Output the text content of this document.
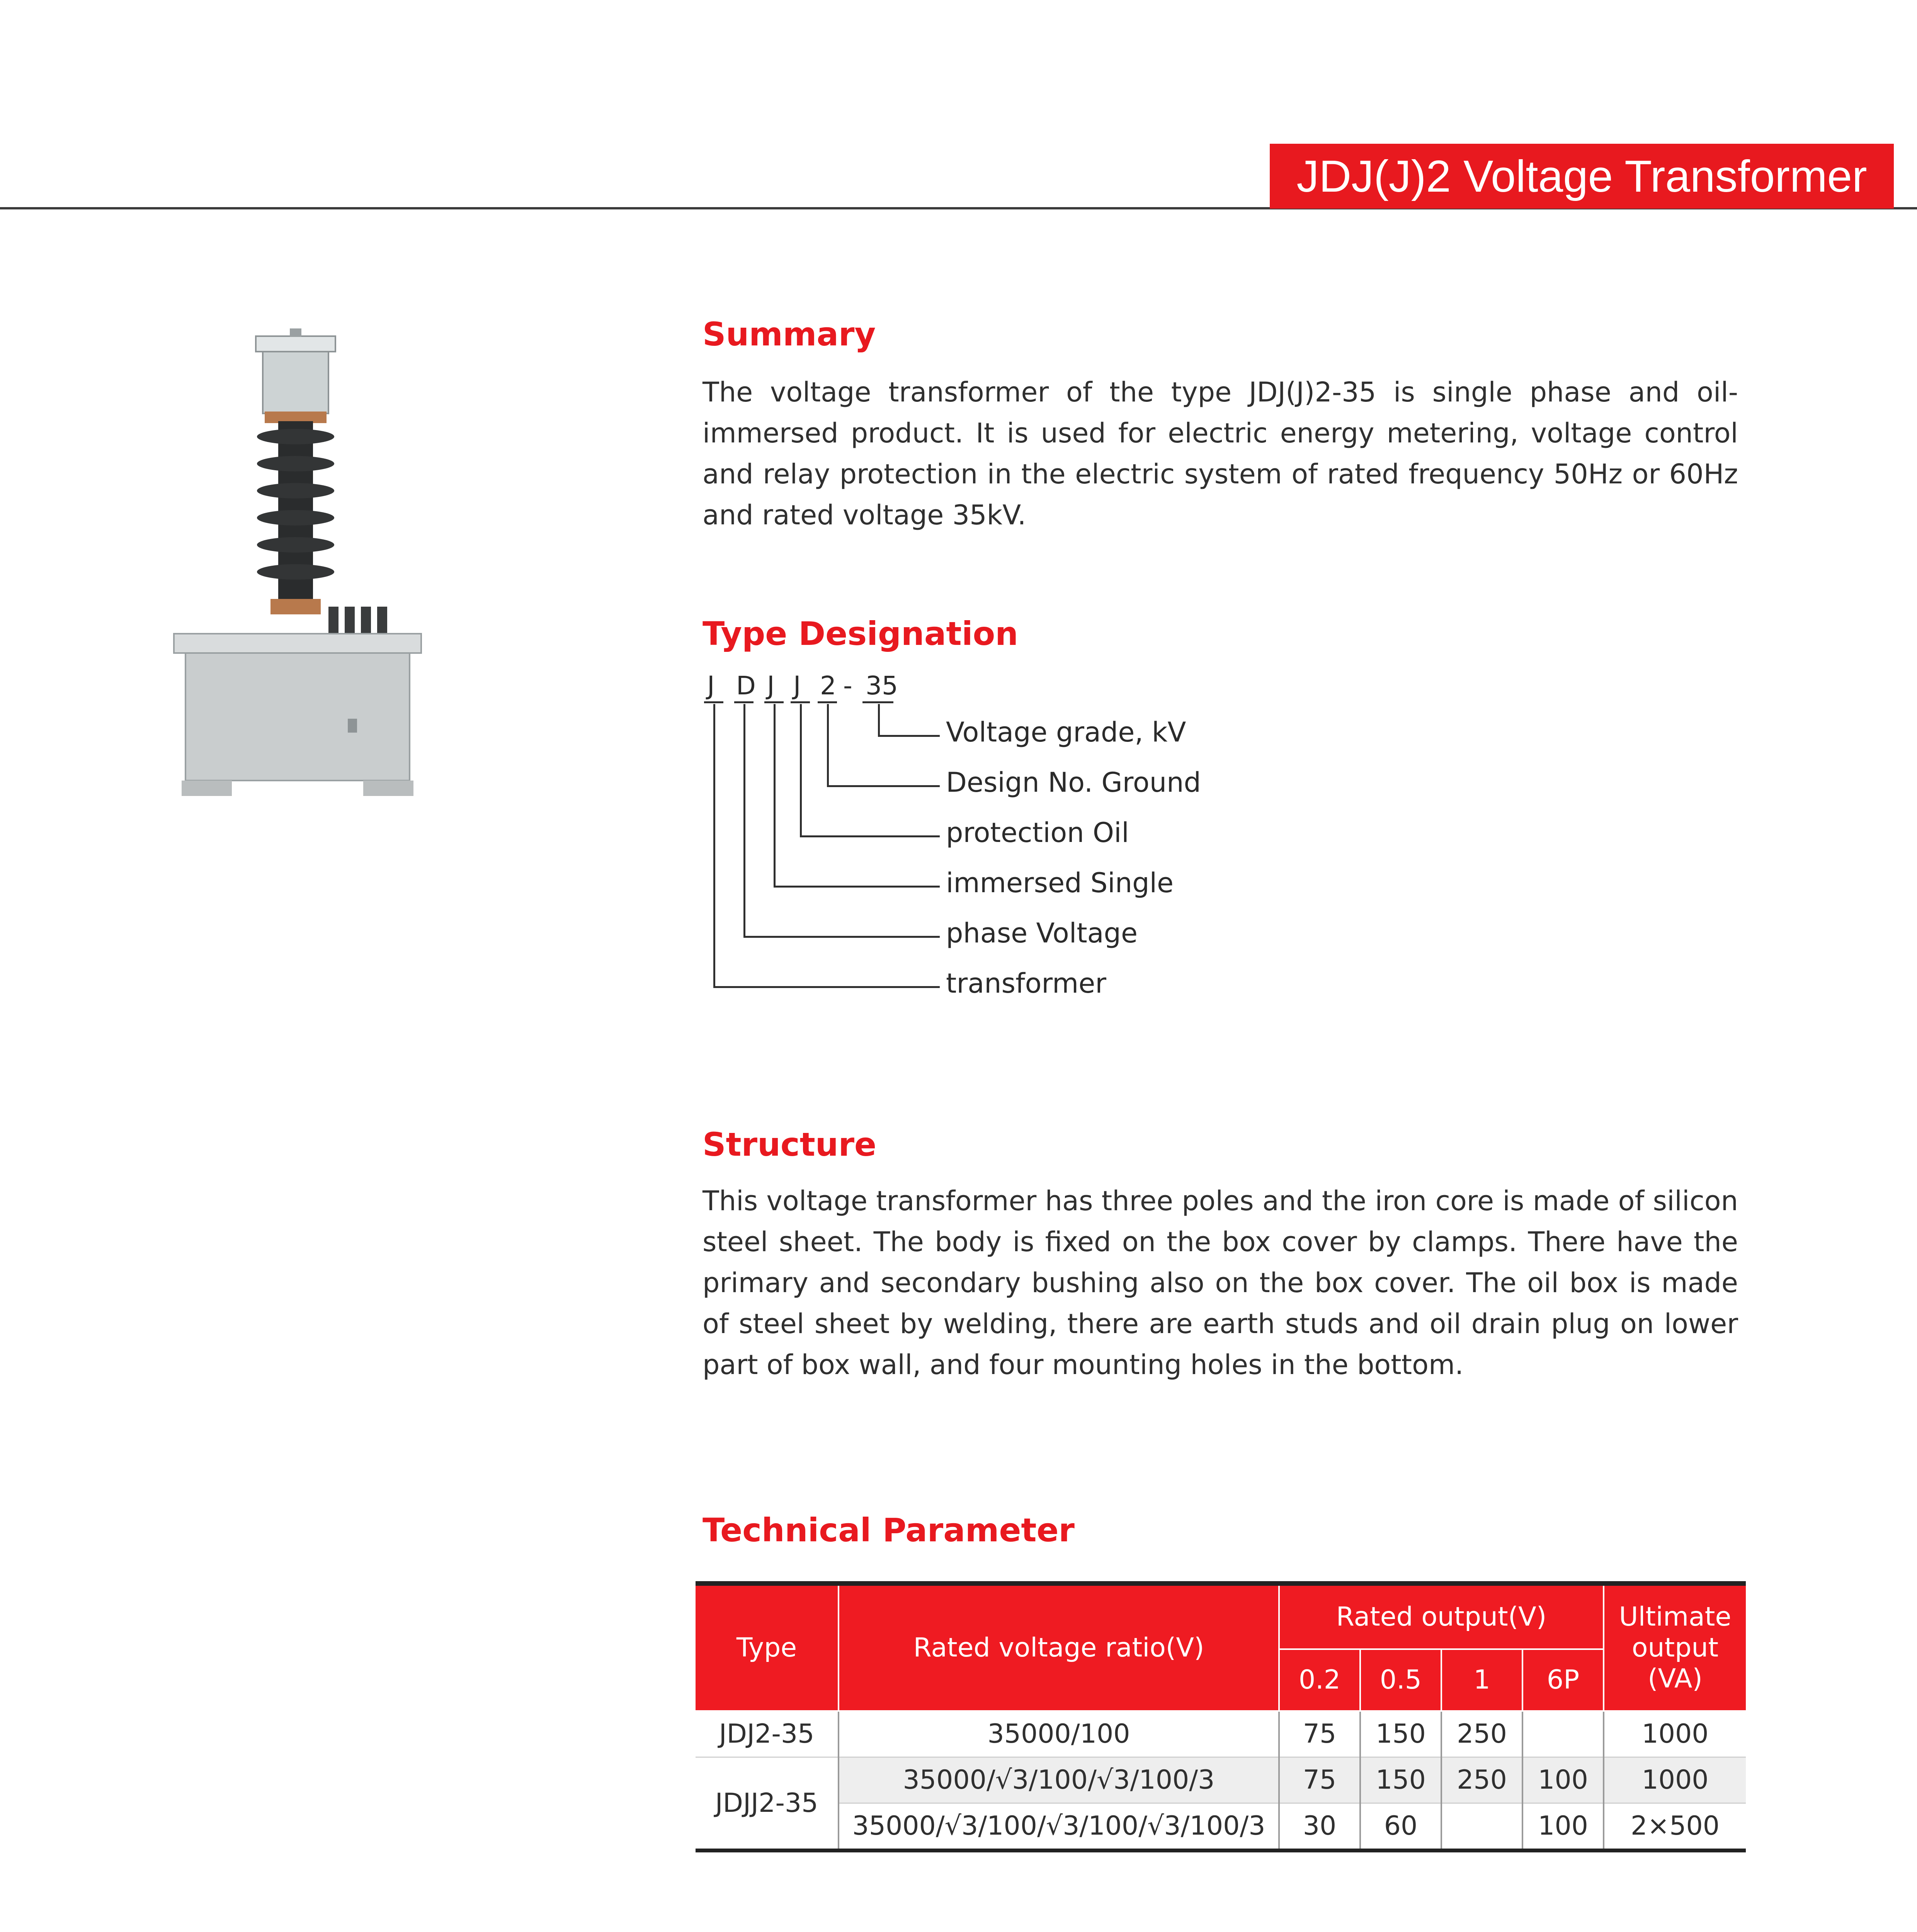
JDJ(J)2 Voltage Transformer
Summary
The voltage transformer of the type JDJ(J)2-35 is single phase and oil-immersed product. It is used for electric energy metering, voltage control and relay protection in the electric system of rated frequency 50Hz or 60Hz and rated voltage 35kV.
Type Designation
J D J J 2 - 35
Voltage grade, kV
Design No. Ground
protection Oil
immersed Single
phase Voltage
transformer
Structure
This voltage transformer has three poles and the iron core is made of silicon steel sheet. The body is fixed on the box cover by clamps. There have the primary and secondary bushing also on the box cover. The oil box is made of steel sheet by welding, there are earth studs and oil drain plug on lower part of box wall, and four mounting holes in the bottom.
Technical Parameter
Type	Rated voltage ratio(V)	Rated output(V)				Ultimate output (VA)
		0.2	0.5	1	6P	
JDJ2-35	35000/100	75	150	250		1000
JDJJ2-35	35000/√3/100/√3/100/3	75	150	250	100	1000
	35000/√3/100/√3/100/√3/100/3	30	60		100	2×500
